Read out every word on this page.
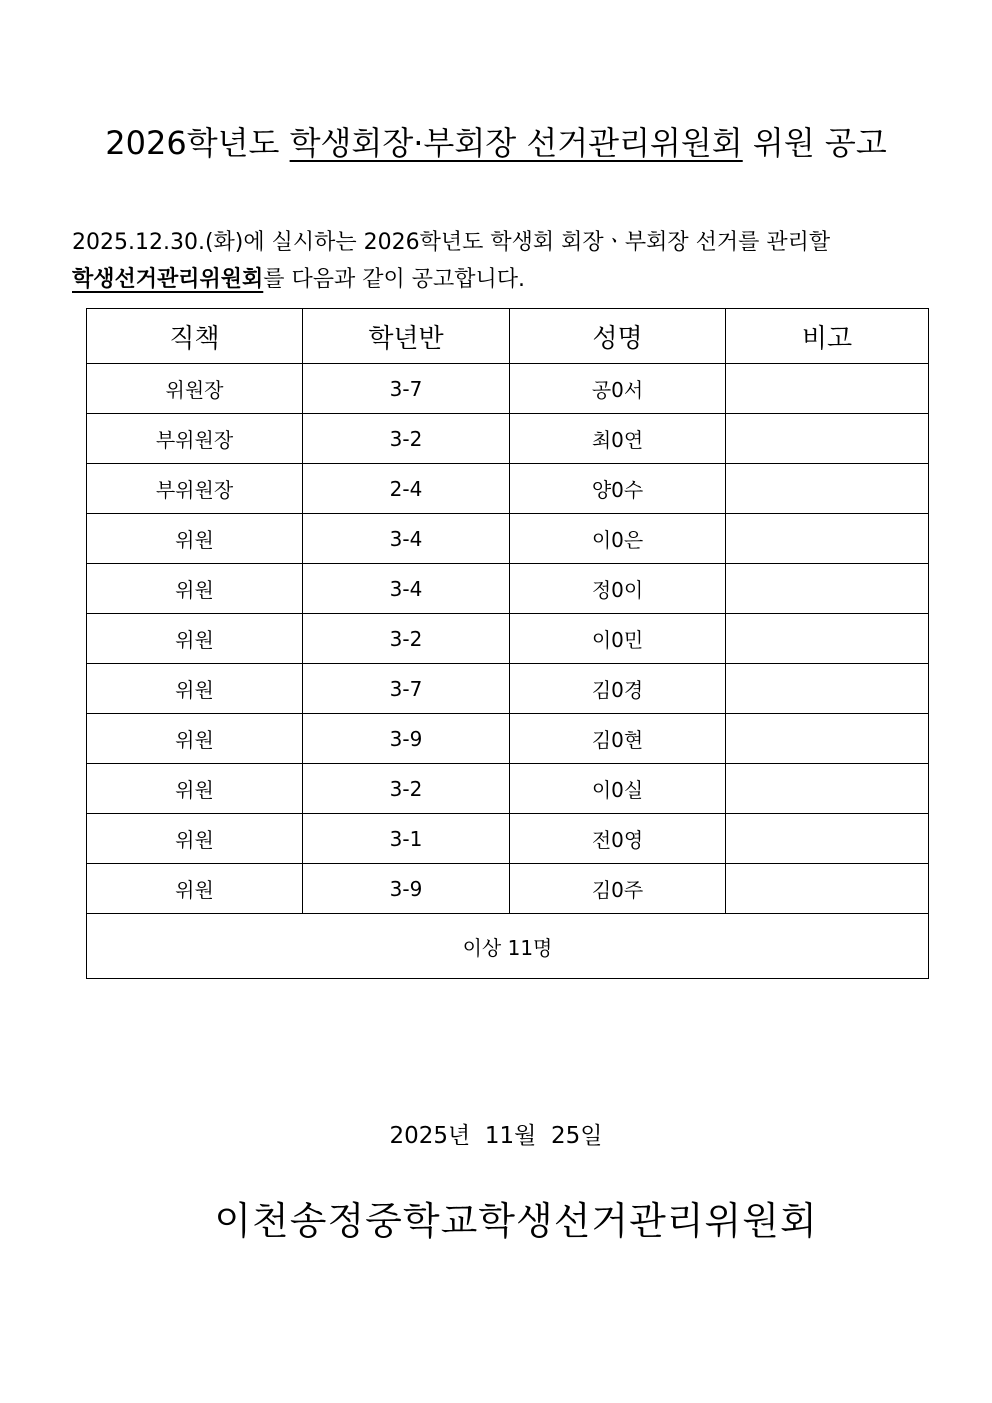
2026학년도 학생회장·부회장 선거관리위원회 위원 공고
2025.12.30.(화)에 실시하는 2026학년도 학생회 회장ㆍ부회장 선거를 관리할
학생선거관리위원회를 다음과 같이 공고합니다.
직책	학년반	성명	비고
위원장	3-7	공0서	
부위원장	3-2	최0연	
부위원장	2-4	양0수	
위원	3-4	이0은	
위원	3-4	정0이	
위원	3-2	이0민	
위원	3-7	김0경	
위원	3-9	김0현	
위원	3-2	이0실	
위원	3-1	전0영	
위원	3-9	김0주	
이상 11명			
2025년  11월  25일
이천송정중학교학생선거관리위원회
